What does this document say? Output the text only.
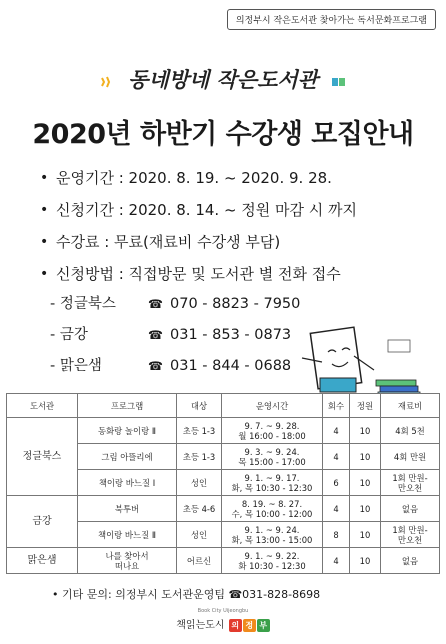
의정부시 작은도서관 찾아가는 독서문화프로그램
동네방네 작은도서관
2020년 하반기 수강생 모집안내
• 운영기간 : 2020. 8. 19. ~ 2020. 9. 28.
• 신청기간 : 2020. 8. 14. ~ 정원 마감 시 까지
• 수강료 : 무료(재료비 수강생 부담)
• 신청방법 : 직접방문 및 도서관 별 전화 접수
- 정글북스	☎ 070 - 8823 - 7950
- 금강	☎ 031 - 853 - 0873
- 맑은샘	☎ 031 - 844 - 0688
도서관	프로그램	대상	운영시간	회수	정원	재료비
정글북스	동화랑 놀이랑 Ⅱ	초등 1-3	9. 7. ~ 9. 28.
월 16:00 - 18:00	4	10	4회 5천
	그림 아뜰리에	초등 1-3	9. 3. ~ 9. 24.
목 15:00 - 17:00	4	10	4회 만원
	책이랑 바느질 Ⅰ	성인	9. 1. ~ 9. 17.
화, 목 10:30 - 12:30	6	10	1회 만원-
만오천
금강	북투버	초등 4-6	8. 19. ~ 8. 27.
수, 목 10:00 - 12:00	4	10	없음
	책이랑 바느질 Ⅱ	성인	9. 1. ~ 9. 24.
화, 목 13:00 - 15:00	8	10	1회 만원-
만오천
맑은샘	나를 찾아서
떠나요	어르신	9. 1. ~ 9. 22.
화 10:30 - 12:30	4	10	없음
• 기타 문의: 의정부시 도서관운영팀 ☎031-828-8698
Book City Uijeongbu
책읽는도시 의 정 부
